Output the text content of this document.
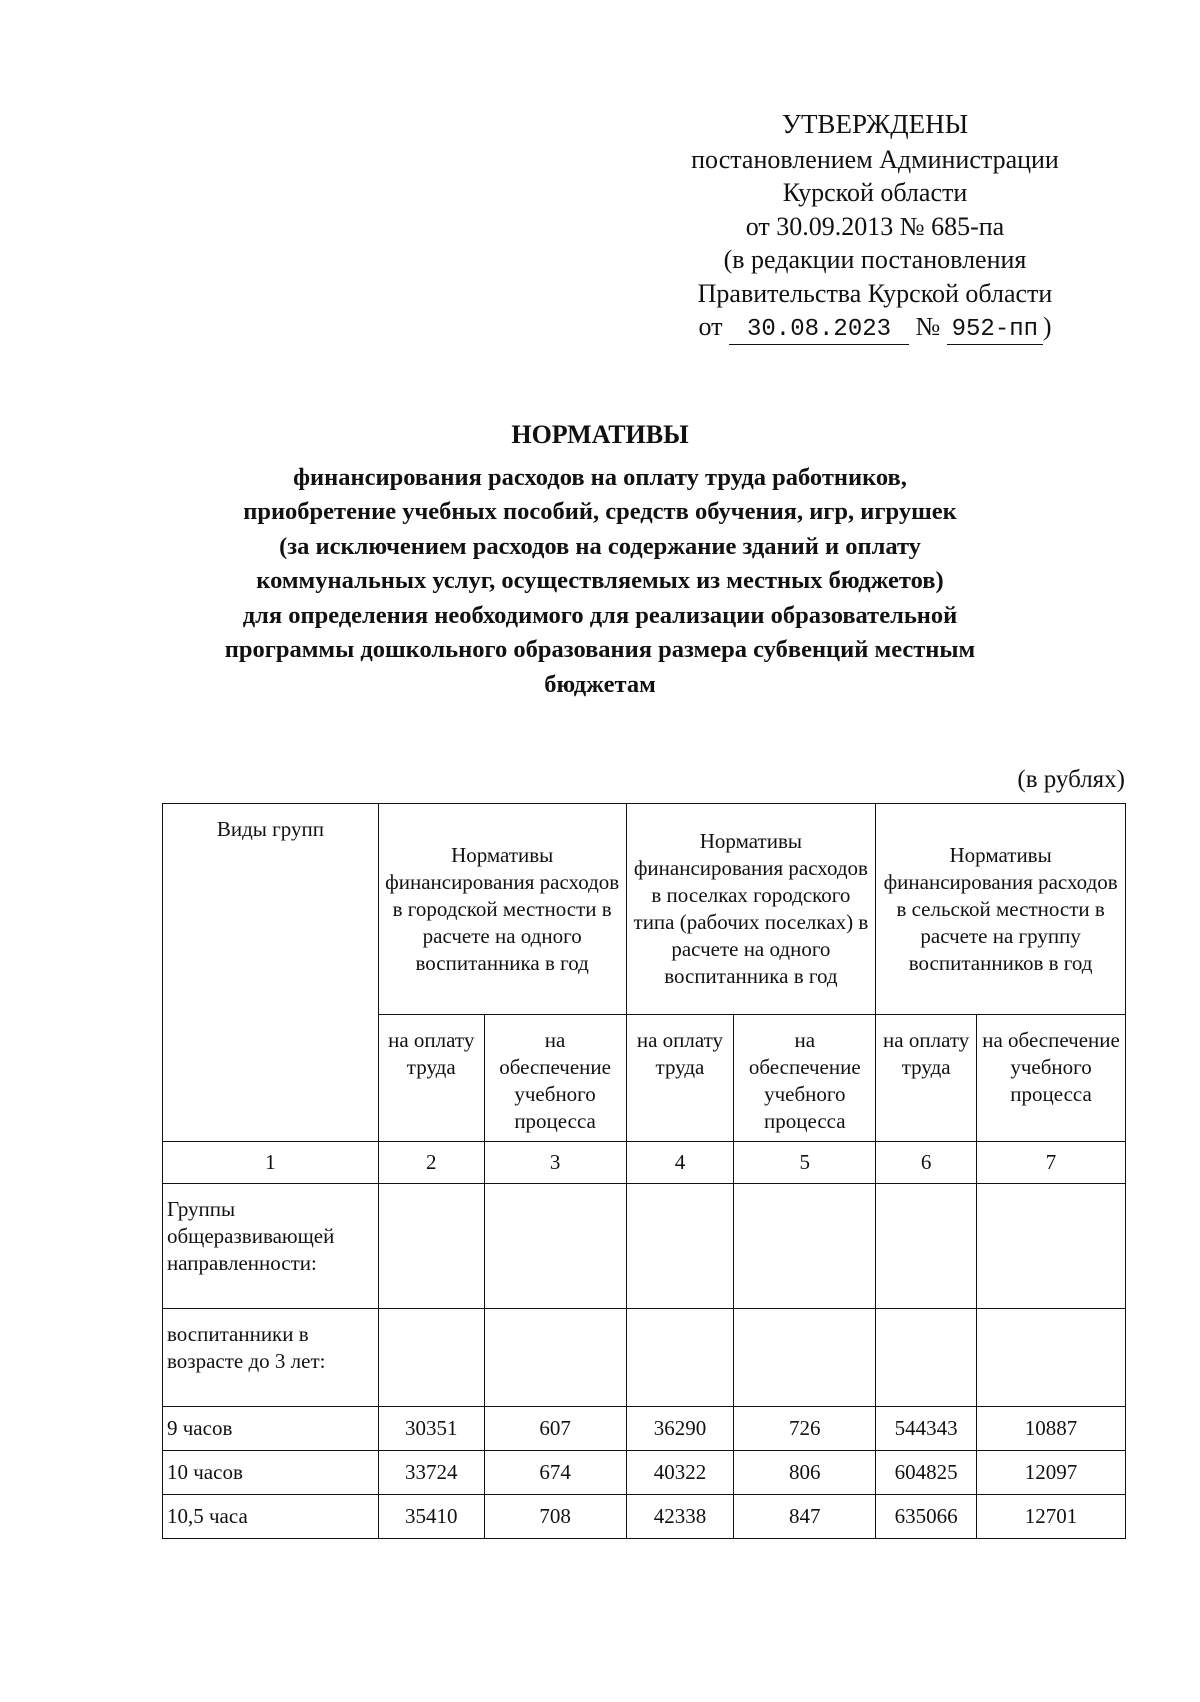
УТВЕРЖДЕНЫ
постановлением Администрации
Курской области
от 30.09.2013 № 685-па
(в редакции постановления
Правительства Курской области
от 30.08.2023 № 952-пп )
НОРМАТИВЫ
финансирования расходов на оплату труда работников,
приобретение учебных пособий, средств обучения, игр, игрушек
(за исключением расходов на содержание зданий и оплату
коммунальных услуг, осуществляемых из местных бюджетов)
для определения необходимого для реализации образовательной
программы дошкольного образования размера субвенций местным
бюджетам
(в рублях)
Виды групп	Нормативы финансирования расходов в городской местности в расчете на одного воспитанника в год		Нормативы финансирования расходов в поселках городского типа (рабочих поселках) в расчете на одного воспитанника в год		Нормативы финансирования расходов в сельской местности в расчете на группу воспитанников в год	
	на оплату труда	на обеспечение учебного процесса	на оплату труда	на обеспечение учебного процесса	на оплату труда	на обеспечение учебного процесса
1	2	3	4	5	6	7
Группы общеразвивающей направленности:						
воспитанники в возрасте до 3 лет:						
9 часов	30351	607	36290	726	544343	10887
10 часов	33724	674	40322	806	604825	12097
10,5 часа	35410	708	42338	847	635066	12701
